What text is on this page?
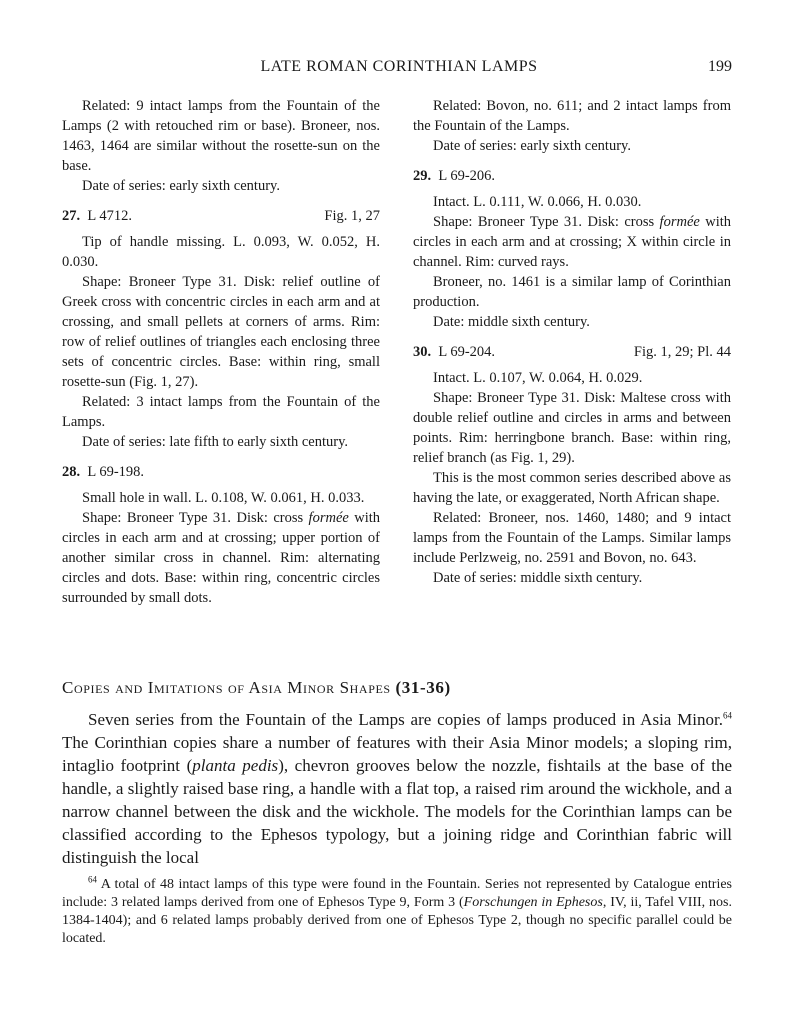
LATE ROMAN CORINTHIAN LAMPS	199

Related: 9 intact lamps from the Fountain of the Lamps (2 with retouched rim or base). Broneer, nos. 1463, 1464 are similar without the rosette-sun on the base.

Date of series: early sixth century.

27. L 4712.	Fig. 1, 27

Tip of handle missing. L. 0.093, W. 0.052, H. 0.030.

Shape: Broneer Type 31. Disk: relief outline of Greek cross with concentric circles in each arm and at crossing, and small pellets at corners of arms. Rim: row of relief outlines of triangles each enclosing three sets of concentric circles. Base: within ring, small rosette-sun (Fig. 1, 27).

Related: 3 intact lamps from the Fountain of the Lamps.

Date of series: late fifth to early sixth century.

28. L 69-198.

Small hole in wall. L. 0.108, W. 0.061, H. 0.033.

Shape: Broneer Type 31. Disk: cross formée with circles in each arm and at crossing; upper portion of another similar cross in channel. Rim: alternating circles and dots. Base: within ring, concentric circles surrounded by small dots.

Related: Bovon, no. 611; and 2 intact lamps from the Fountain of the Lamps.

Date of series: early sixth century.

29. L 69-206.

Intact. L. 0.111, W. 0.066, H. 0.030.

Shape: Broneer Type 31. Disk: cross formée with circles in each arm and at crossing; X within circle in channel. Rim: curved rays.

Broneer, no. 1461 is a similar lamp of Corinthian production.

Date: middle sixth century.

30. L 69-204.	Fig. 1, 29; Pl. 44

Intact. L. 0.107, W. 0.064, H. 0.029.

Shape: Broneer Type 31. Disk: Maltese cross with double relief outline and circles in arms and between points. Rim: herringbone branch. Base: within ring, relief branch (as Fig. 1, 29).

This is the most common series described above as having the late, or exaggerated, North African shape.

Related: Broneer, nos. 1460, 1480; and 9 intact lamps from the Fountain of the Lamps. Similar lamps include Perlzweig, no. 2591 and Bovon, no. 643.

Date of series: middle sixth century.

Copies and Imitations of Asia Minor Shapes (31-36)

Seven series from the Fountain of the Lamps are copies of lamps produced in Asia Minor.$^{64}$ The Corinthian copies share a number of features with their Asia Minor models; a sloping rim, intaglio footprint (planta pedis), chevron grooves below the nozzle, fishtails at the base of the handle, a slightly raised base ring, a handle with a flat top, a raised rim around the wickhole, and a narrow channel between the disk and the wickhole. The models for the Corinthian lamps can be classified according to the Ephesos typology, but a joining ridge and Corinthian fabric will distinguish the local

$^{64}$ A total of 48 intact lamps of this type were found in the Fountain. Series not represented by Catalogue entries include: 3 related lamps derived from one of Ephesos Type 9, Form 3 (Forschungen in Ephesos, IV, ii, Tafel VIII, nos. 1384-1404); and 6 related lamps probably derived from one of Ephesos Type 2, though no specific parallel could be located.
